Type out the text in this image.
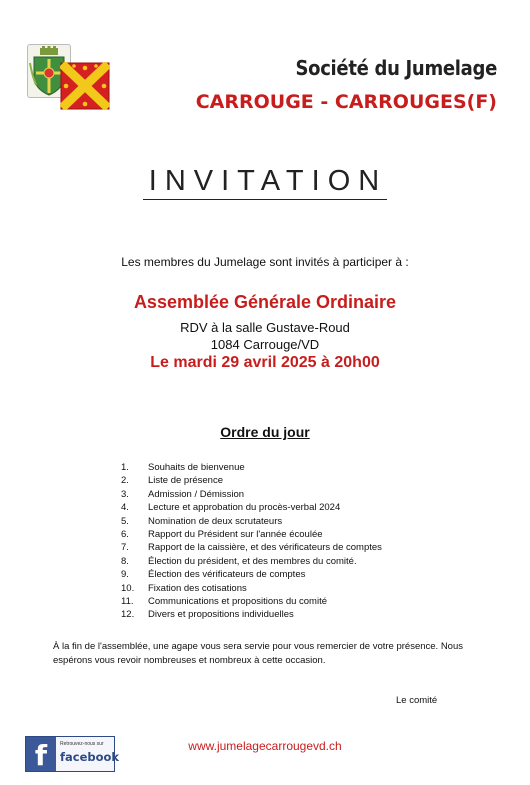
Société du Jumelage
CARROUGE - CARROUGES(F)
INVITATION
Les membres du Jumelage sont invités à participer à :
Assemblée Générale Ordinaire
RDV à la salle Gustave-Roud
1084 Carrouge/VD
Le mardi 29 avril 2025 à 20h00
Ordre du jour
1. Souhaits de bienvenue
2. Liste de présence
3. Admission / Démission
4. Lecture et approbation du procès-verbal 2024
5. Nomination de deux scrutateurs
6. Rapport du Président sur l'année écoulée
7. Rapport de la caissière, et des vérificateurs de comptes
8. Élection du président, et des membres du comité.
9. Élection des vérificateurs de comptes
10. Fixation des cotisations
11. Communications et propositions du comité
12. Divers et propositions individuelles
À la fin de l'assemblée, une agape vous sera servie pour vous remercier de votre présence. Nous espérons vous revoir nombreuses et nombreux à cette occasion.
Le comité
f	Retrouvez-nous sur
facebook
www.jumelagecarrougevd.ch
